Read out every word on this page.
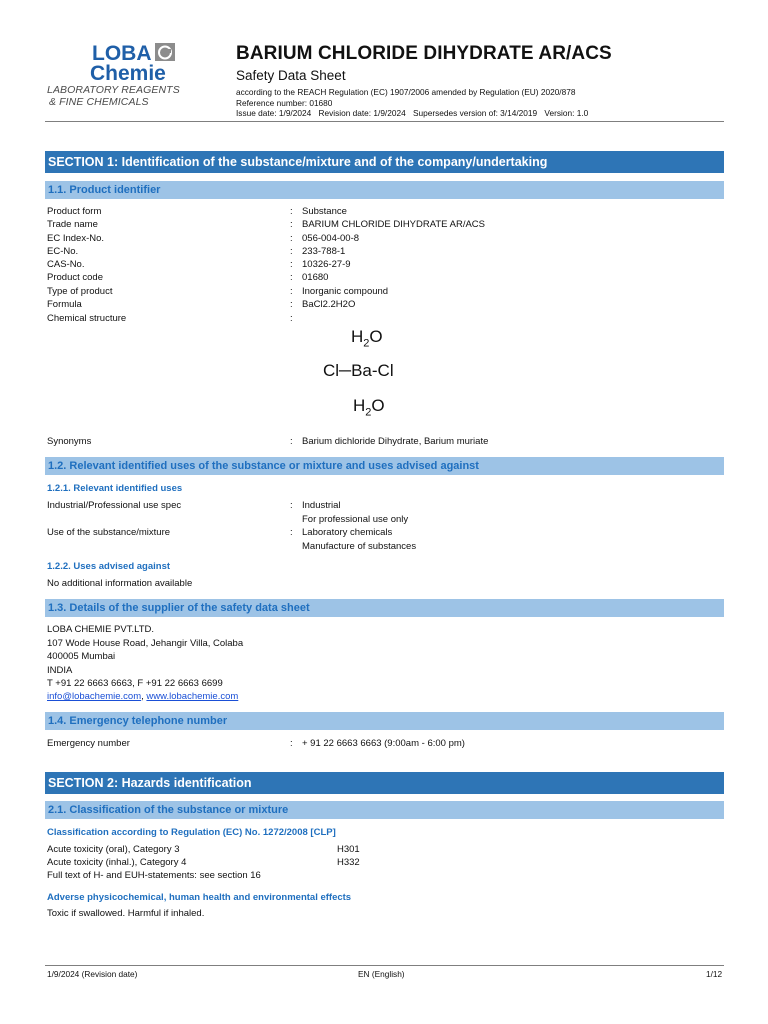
LOBA
Chemie
LABORATORY REAGENTS
& FINE CHEMICALS
BARIUM CHLORIDE DIHYDRATE AR/ACS
Safety Data Sheet
according to the REACH Regulation (EC) 1907/2006 amended by Regulation (EU) 2020/878
Reference number: 01680
Issue date: 1/9/2024 Revision date: 1/9/2024 Supersedes version of: 3/14/2019 Version: 1.0
SECTION 1: Identification of the substance/mixture and of the company/undertaking
1.1. Product identifier
Product form	: Substance
Trade name	: BARIUM CHLORIDE DIHYDRATE AR/ACS
EC Index-No.	: 056-004-00-8
EC-No.	: 233-788-1
CAS-No.	: 10326-27-9
Product code	: 01680
Type of product	: Inorganic compound
Formula	: BaCl2.2H2O
Chemical structure	:
$H_2O$
Cl─Ba‐Cl
$H_2O$
Synonyms	: Barium dichloride Dihydrate, Barium muriate
1.2. Relevant identified uses of the substance or mixture and uses advised against
1.2.1. Relevant identified uses
Industrial/Professional use spec	: Industrial
For professional use only
Use of the substance/mixture	: Laboratory chemicals
Manufacture of substances
1.2.2. Uses advised against
No additional information available
1.3. Details of the supplier of the safety data sheet
LOBA CHEMIE PVT.LTD.
107 Wode House Road, Jehangir Villa, Colaba
400005 Mumbai
INDIA
T +91 22 6663 6663, F +91 22 6663 6699
info@lobachemie.com, www.lobachemie.com
1.4. Emergency telephone number
Emergency number	: + 91 22 6663 6663 (9:00am - 6:00 pm)
SECTION 2: Hazards identification
2.1. Classification of the substance or mixture
Classification according to Regulation (EC) No. 1272/2008 [CLP]
Acute toxicity (oral), Category 3	H301
Acute toxicity (inhal.), Category 4	H332
Full text of H- and EUH-statements: see section 16
Adverse physicochemical, human health and environmental effects
Toxic if swallowed. Harmful if inhaled.
1/9/2024 (Revision date)	EN (English)	1/12
